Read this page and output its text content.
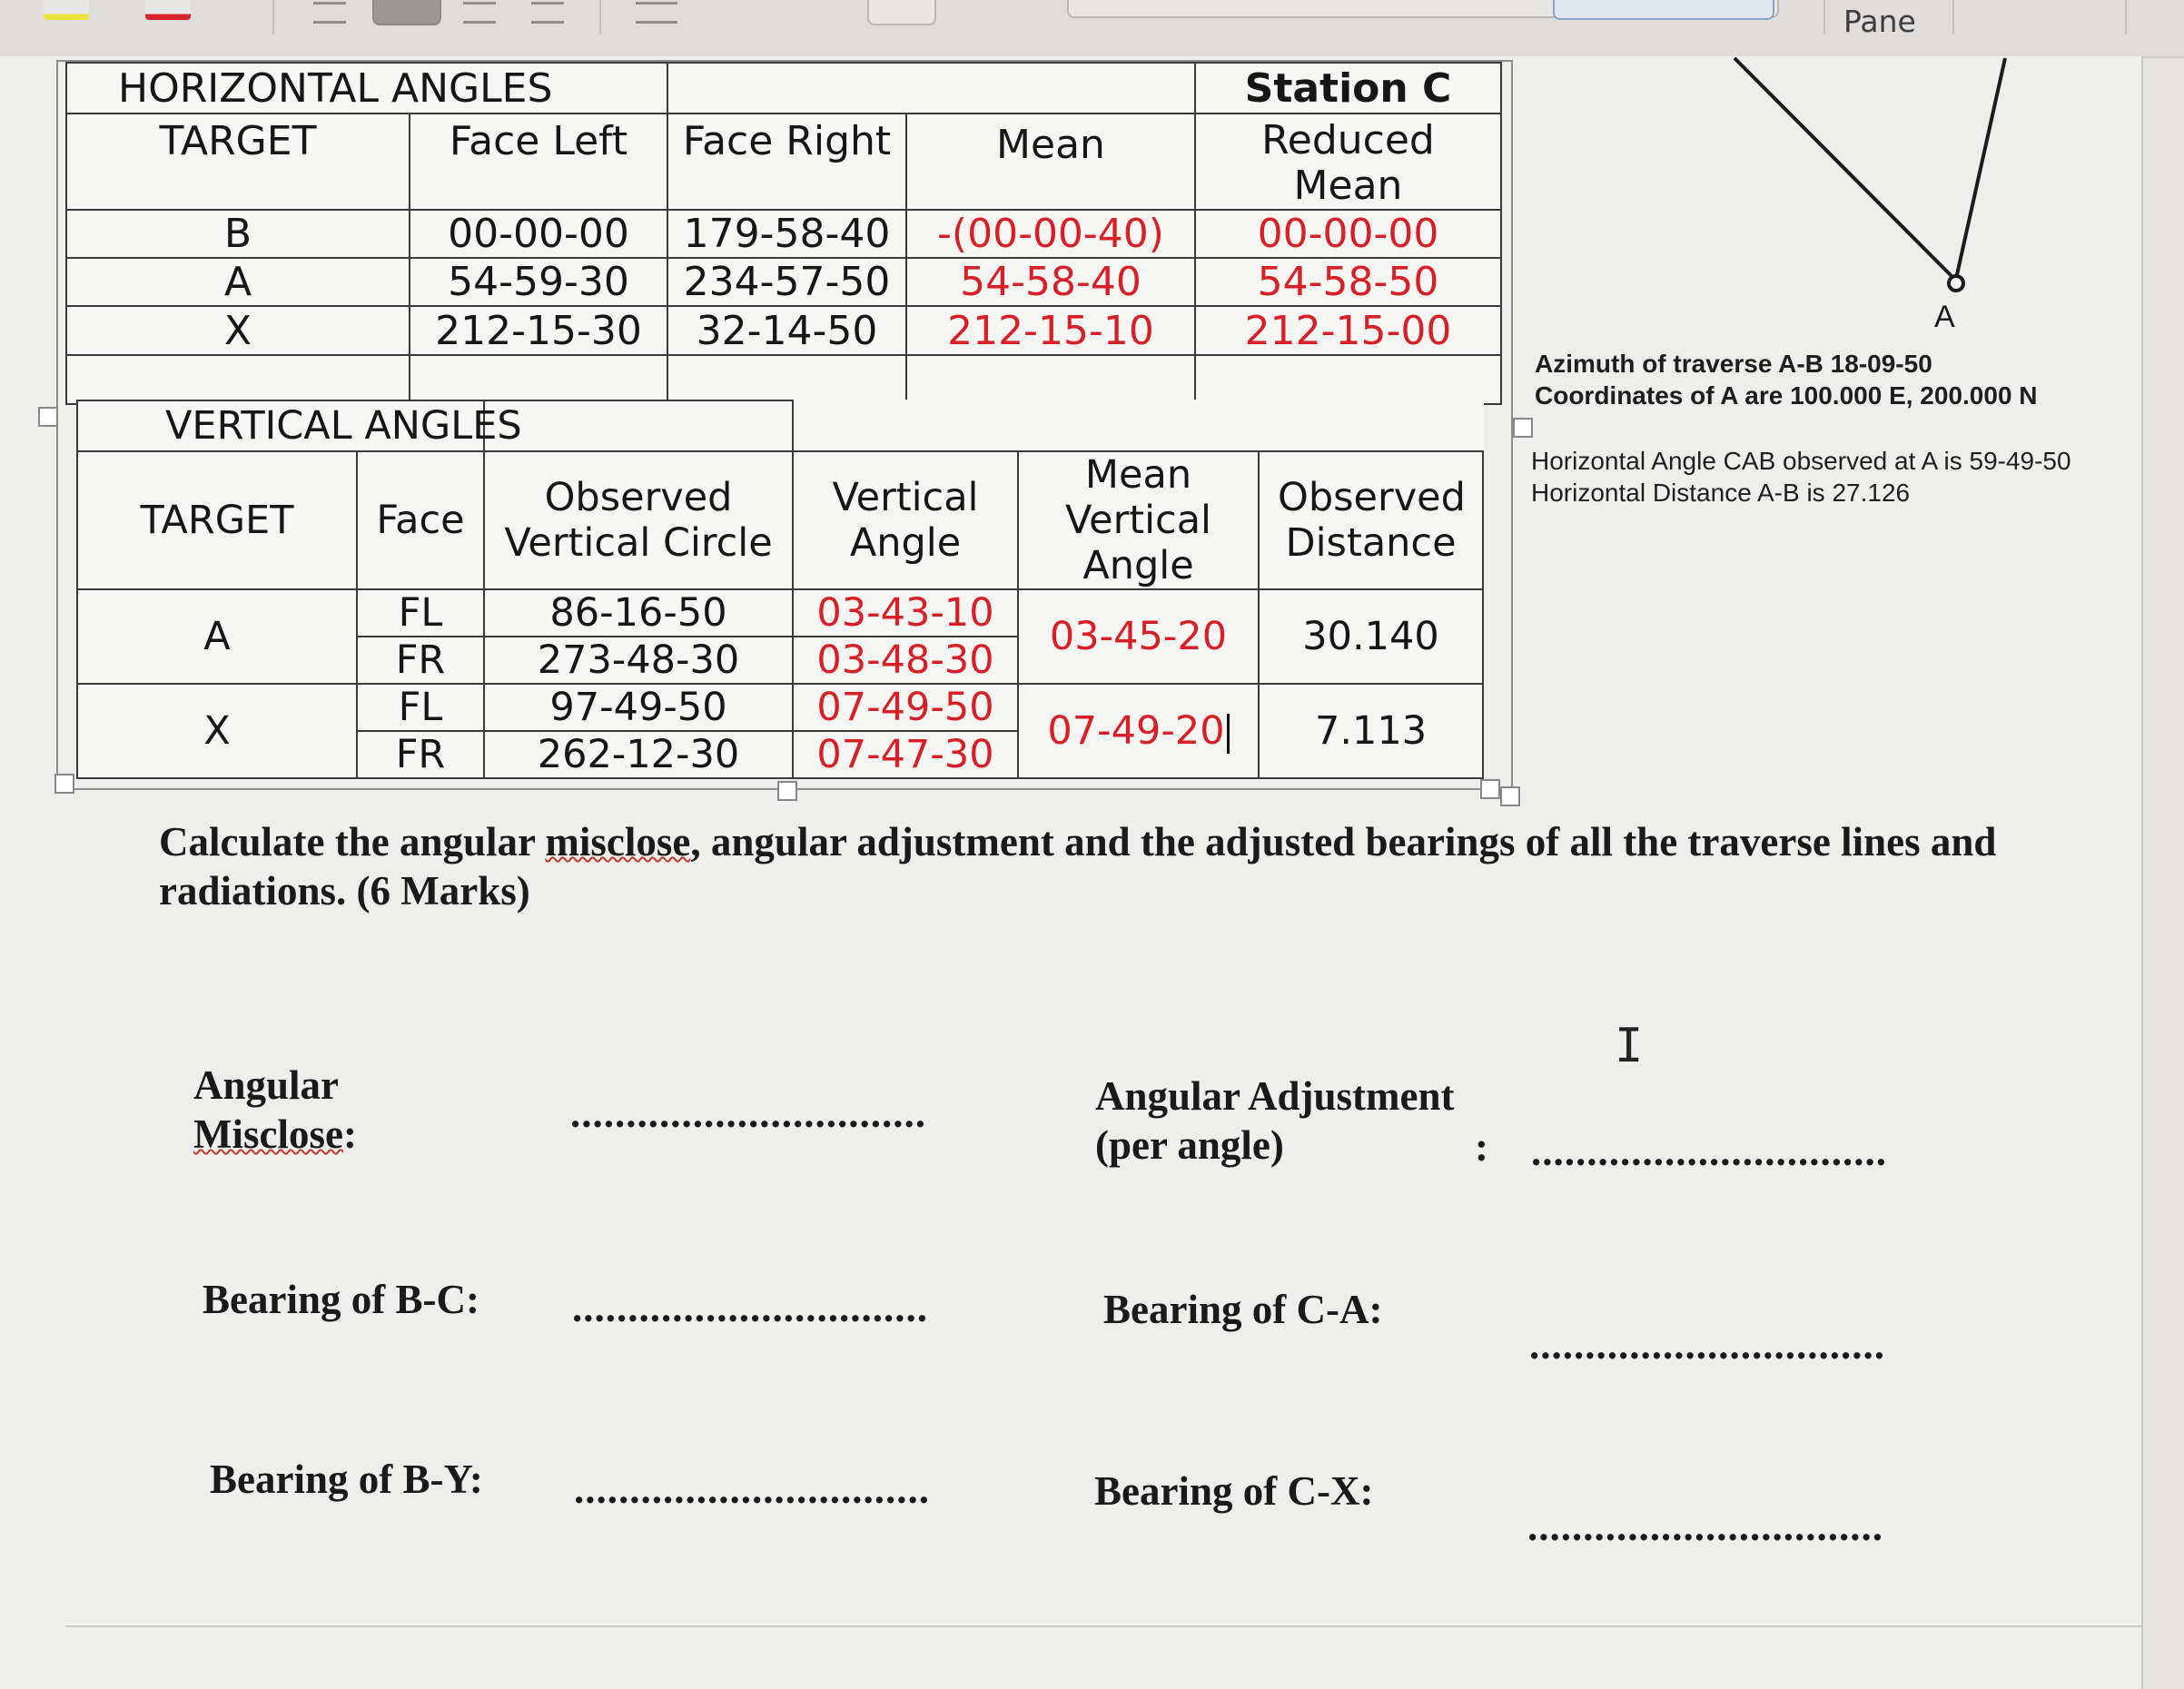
Pane
HORIZONTAL ANGLES				Station C
TARGET	Face Left	Face Right	Mean	Reduced Mean
B	00-00-00	179-58-40	-(00-00-40)	00-00-00
A	54-59-30	234-57-50	54-58-40	54-58-50
X	212-15-30	32-14-50	212-15-10	212-15-00

VERTICAL ANGLES					
TARGET	Face	Observed Vertical Circle	Vertical Angle	Mean Vertical Angle	Observed Distance
A	FL	86-16-50	03-43-10	03-45-20	30.140
	FR	273-48-30	03-48-30		
X	FL	97-49-50	07-49-50	07-49-20	7.113
	FR	262-12-30	07-47-30		
A
Azimuth of traverse A-B 18-09-50
Coordinates of A are 100.000 E, 200.000 N
Horizontal Angle CAB observed at A is 59-49-50
Horizontal Distance A-B is 27.126
Calculate the angular misclose, angular adjustment and the adjusted bearings of all the traverse lines and radiations. (6 Marks)
Angular
Misclose:	................................	Angular Adjustment
(per angle)	: ................................
Bearing of B-C: ................................	Bearing of C-A:
................................
Bearing of B-Y: ................................	Bearing of C-X:
................................
I
